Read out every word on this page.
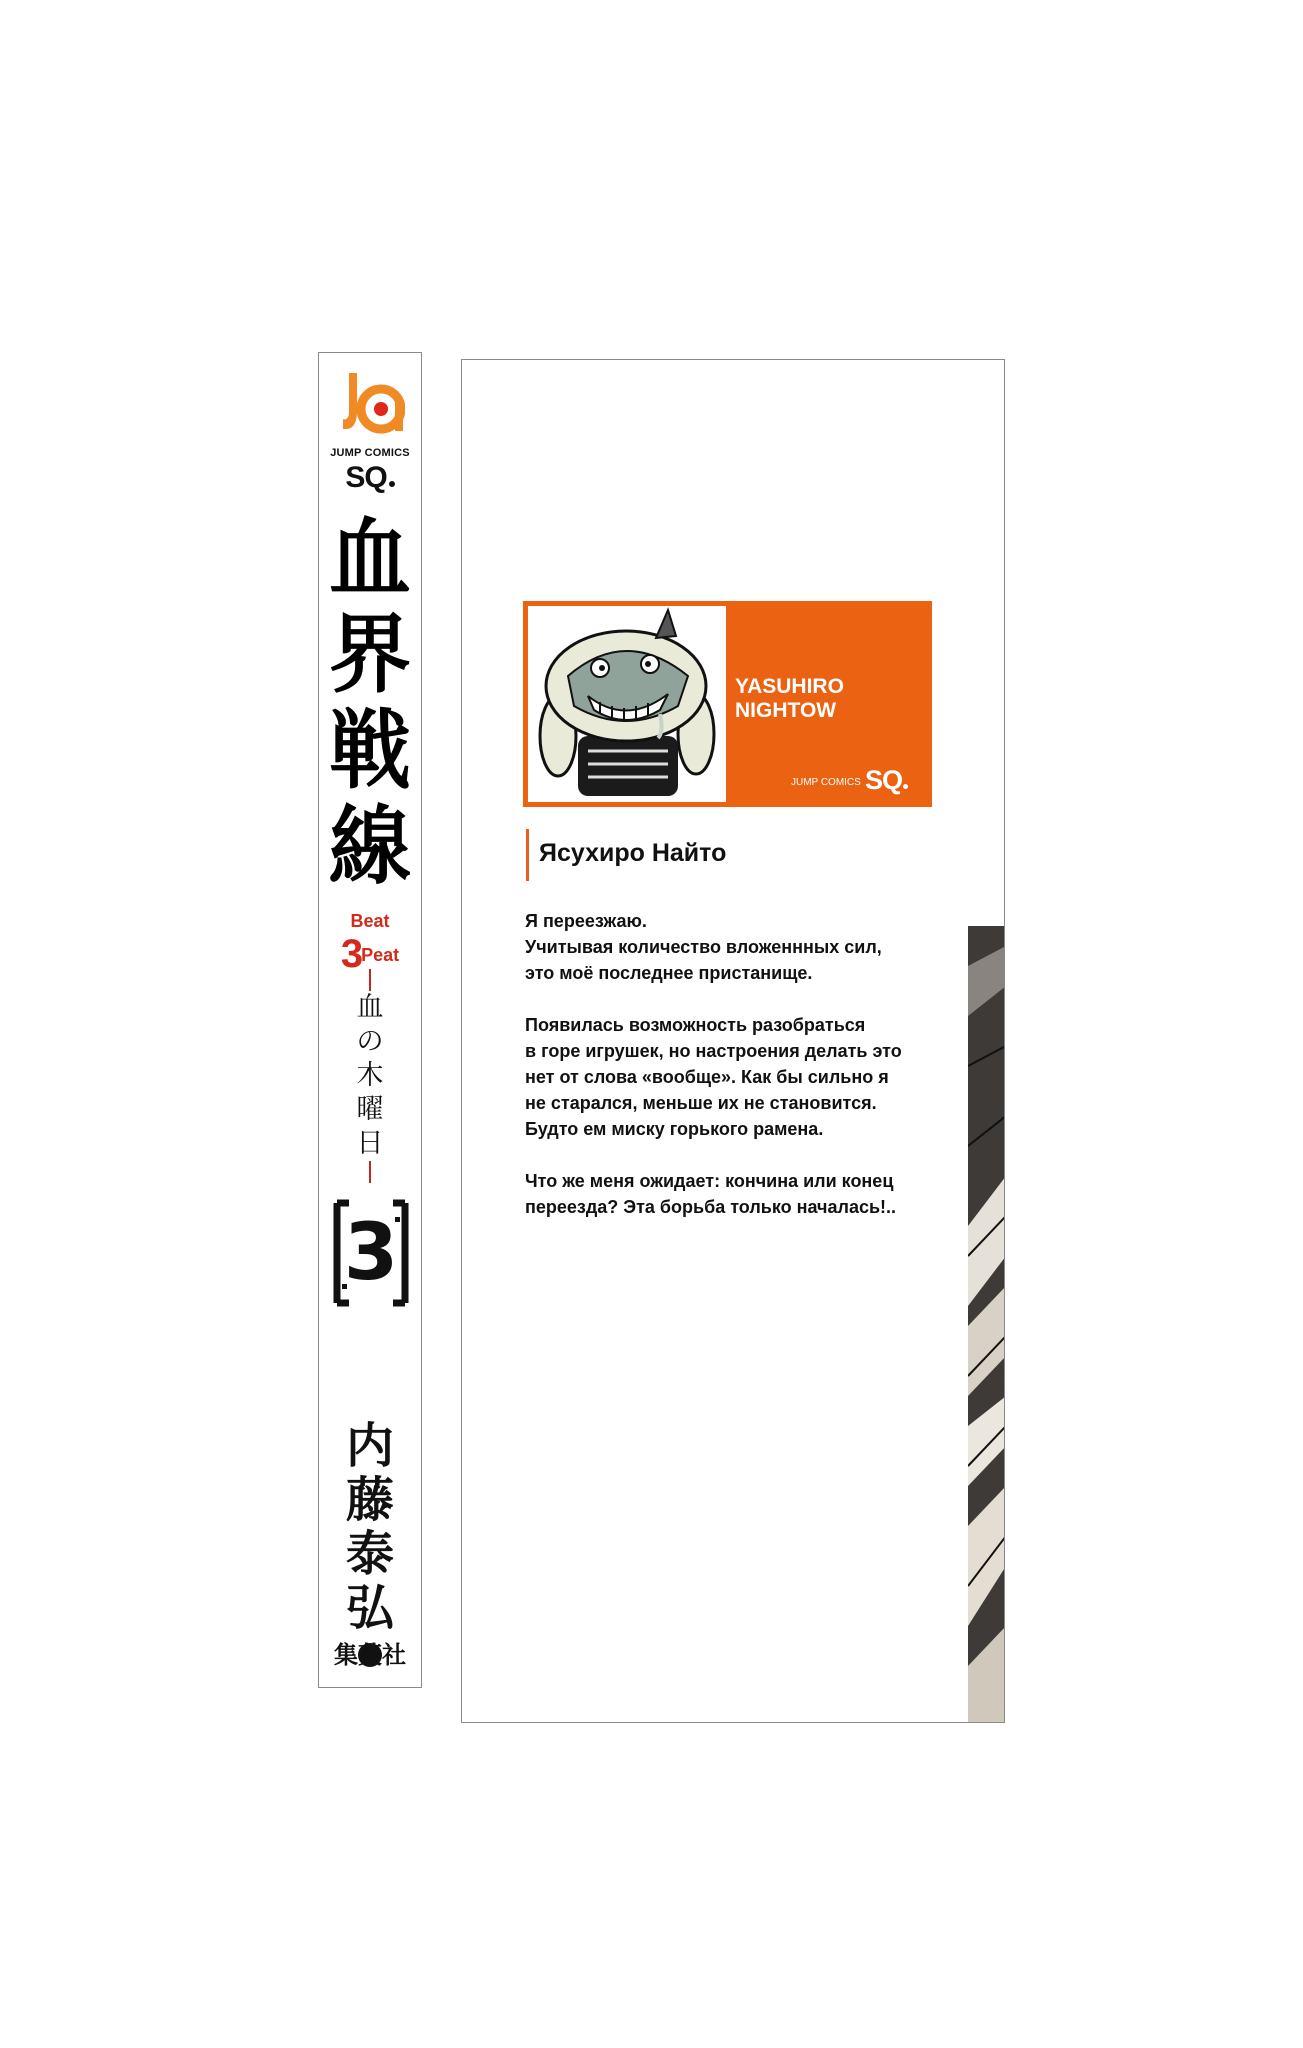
JUMP COMICS
SQ
血
界
戦
線
Beat 3Peat
血
の
木
曜
日
3
内
藤
泰
弘
集英社
YASUHIRO
NIGHTOW
JUMP COMICS SQ
Ясухиро Найто

Я переезжаю.
Учитывая количество вложеннных сил,
это моё последнее пристанище.

Появилась возможность разобраться
в горе игрушек, но настроения делать это
нет от слова «вообще». Как бы сильно я
не старался, меньше их не становится.
Будто ем миску горького рамена.

Что же меня ожидает: кончина или конец
переезда? Эта борьба только началась!..
